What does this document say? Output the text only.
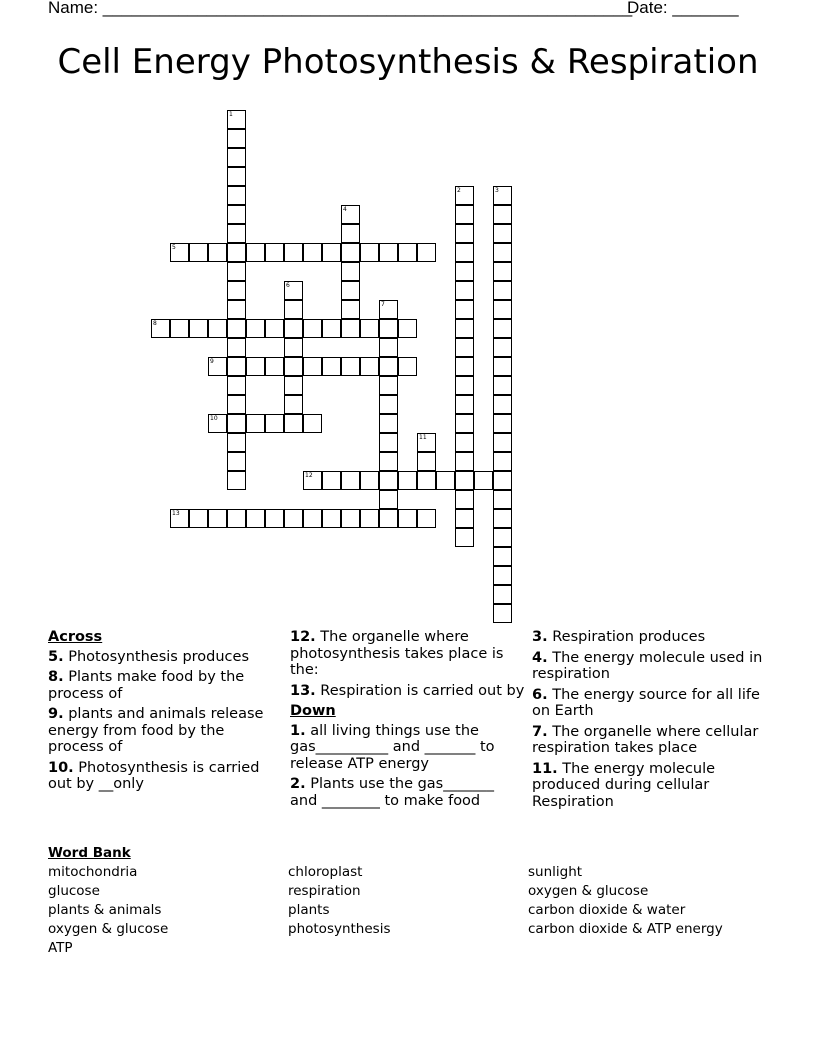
Name: ________________________________________________________
Date: _______
Cell Energy Photosynthesis & Respiration
1
2	3
4
5
6
7
8
9
10
11
12
13
Across
5. Photosynthesis produces
8. Plants make food by the process of
9. plants and animals release energy from food by the process of
10. Photosynthesis is carried out by __only
12. The organelle where photosynthesis takes place is the:
13. Respiration is carried out by
Down
1. all living things use the gas__________ and _______ to release ATP energy
2. Plants use the gas_______ and ________ to make food
3. Respiration produces
4. The energy molecule used in respiration
6. The energy source for all life on Earth
7. The organelle where cellular respiration takes place
11. The energy molecule produced during cellular Respiration
Word Bank
mitochondria
glucose
plants & animals
oxygen & glucose
ATP
chloroplast
respiration
plants
photosynthesis
sunlight
oxygen & glucose
carbon dioxide & water
carbon dioxide & ATP energy
